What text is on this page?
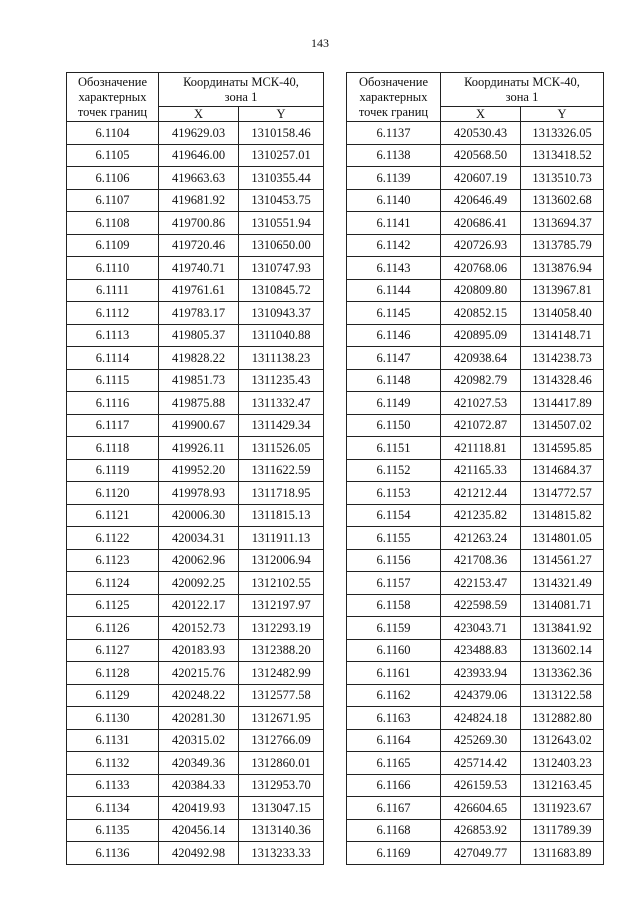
143
Обозначение
характерных
точек границ	Координаты МСК-40,
зона 1	
	X	Y
6.1104	419629.03	1310158.46
6.1105	419646.00	1310257.01
6.1106	419663.63	1310355.44
6.1107	419681.92	1310453.75
6.1108	419700.86	1310551.94
6.1109	419720.46	1310650.00
6.1110	419740.71	1310747.93
6.1111	419761.61	1310845.72
6.1112	419783.17	1310943.37
6.1113	419805.37	1311040.88
6.1114	419828.22	1311138.23
6.1115	419851.73	1311235.43
6.1116	419875.88	1311332.47
6.1117	419900.67	1311429.34
6.1118	419926.11	1311526.05
6.1119	419952.20	1311622.59
6.1120	419978.93	1311718.95
6.1121	420006.30	1311815.13
6.1122	420034.31	1311911.13
6.1123	420062.96	1312006.94
6.1124	420092.25	1312102.55
6.1125	420122.17	1312197.97
6.1126	420152.73	1312293.19
6.1127	420183.93	1312388.20
6.1128	420215.76	1312482.99
6.1129	420248.22	1312577.58
6.1130	420281.30	1312671.95
6.1131	420315.02	1312766.09
6.1132	420349.36	1312860.01
6.1133	420384.33	1312953.70
6.1134	420419.93	1313047.15
6.1135	420456.14	1313140.36
6.1136	420492.98	1313233.33
Обозначение
характерных
точек границ	Координаты МСК-40,
зона 1	
	X	Y
6.1137	420530.43	1313326.05
6.1138	420568.50	1313418.52
6.1139	420607.19	1313510.73
6.1140	420646.49	1313602.68
6.1141	420686.41	1313694.37
6.1142	420726.93	1313785.79
6.1143	420768.06	1313876.94
6.1144	420809.80	1313967.81
6.1145	420852.15	1314058.40
6.1146	420895.09	1314148.71
6.1147	420938.64	1314238.73
6.1148	420982.79	1314328.46
6.1149	421027.53	1314417.89
6.1150	421072.87	1314507.02
6.1151	421118.81	1314595.85
6.1152	421165.33	1314684.37
6.1153	421212.44	1314772.57
6.1154	421235.82	1314815.82
6.1155	421263.24	1314801.05
6.1156	421708.36	1314561.27
6.1157	422153.47	1314321.49
6.1158	422598.59	1314081.71
6.1159	423043.71	1313841.92
6.1160	423488.83	1313602.14
6.1161	423933.94	1313362.36
6.1162	424379.06	1313122.58
6.1163	424824.18	1312882.80
6.1164	425269.30	1312643.02
6.1165	425714.42	1312403.23
6.1166	426159.53	1312163.45
6.1167	426604.65	1311923.67
6.1168	426853.92	1311789.39
6.1169	427049.77	1311683.89
